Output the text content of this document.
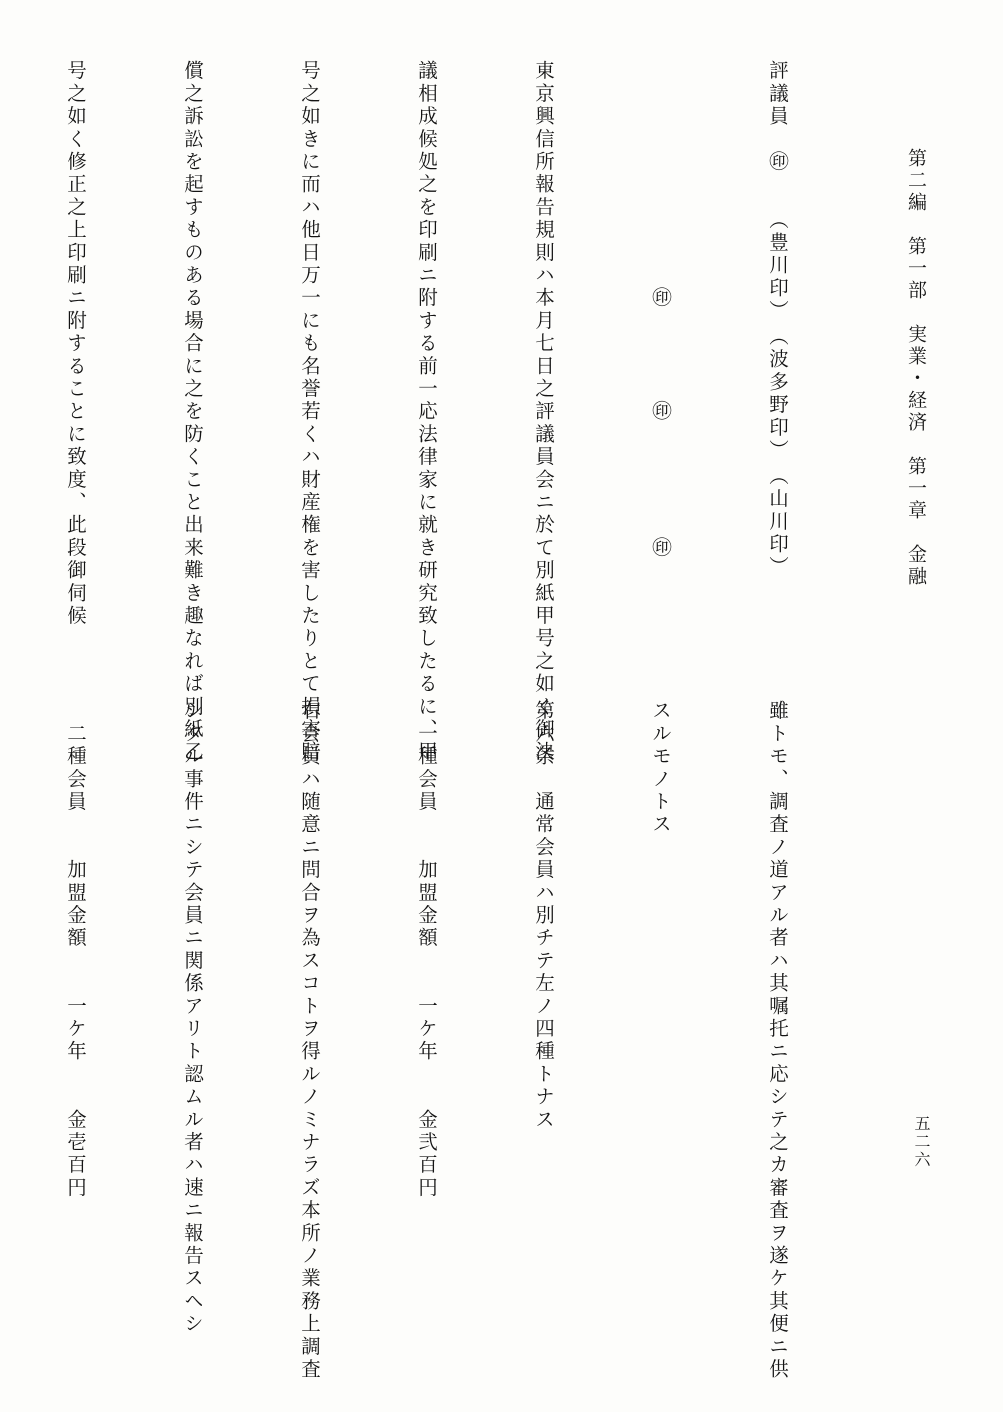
第二編　第一部　実業・経済　第一章　金融
五二六

評議員　㊞　　（豊川印）　（波多野印）　（山川印）

　　　　　　　　　　㊞　　　　㊞　　　　　㊞

東京興信所報告規則ハ本月七日之評議員会ニ於て別紙甲号之如く御決

議相成候処之を印刷ニ附する前一応法律家に就き研究致したるに、甲

号之如きに而ハ他日万一にも名誉若くハ財産権を害したりとて損害賠

償之訴訟を起すものある場合に之を防くこと出来難き趣なれば別紙乙

号之如く修正之上印刷ニ附することに致度、此段御伺候

雖トモ、調査ノ道アル者ハ其嘱托ニ応シテ之カ審査ヲ遂ケ其便ニ供

スルモノトス

第六条　通常会員ハ別チテ左ノ四種トナス

　一種会員　　加盟金額　　一ケ年　　金弐百円

右会員ハ随意ニ問合ヲ為スコトヲ得ルノミナラズ本所ノ業務上調査

シタル事件ニシテ会員ニ関係アリト認ムル者ハ速ニ報告スヘシ

　二種会員　　加盟金額　　一ケ年　　金壱百円
